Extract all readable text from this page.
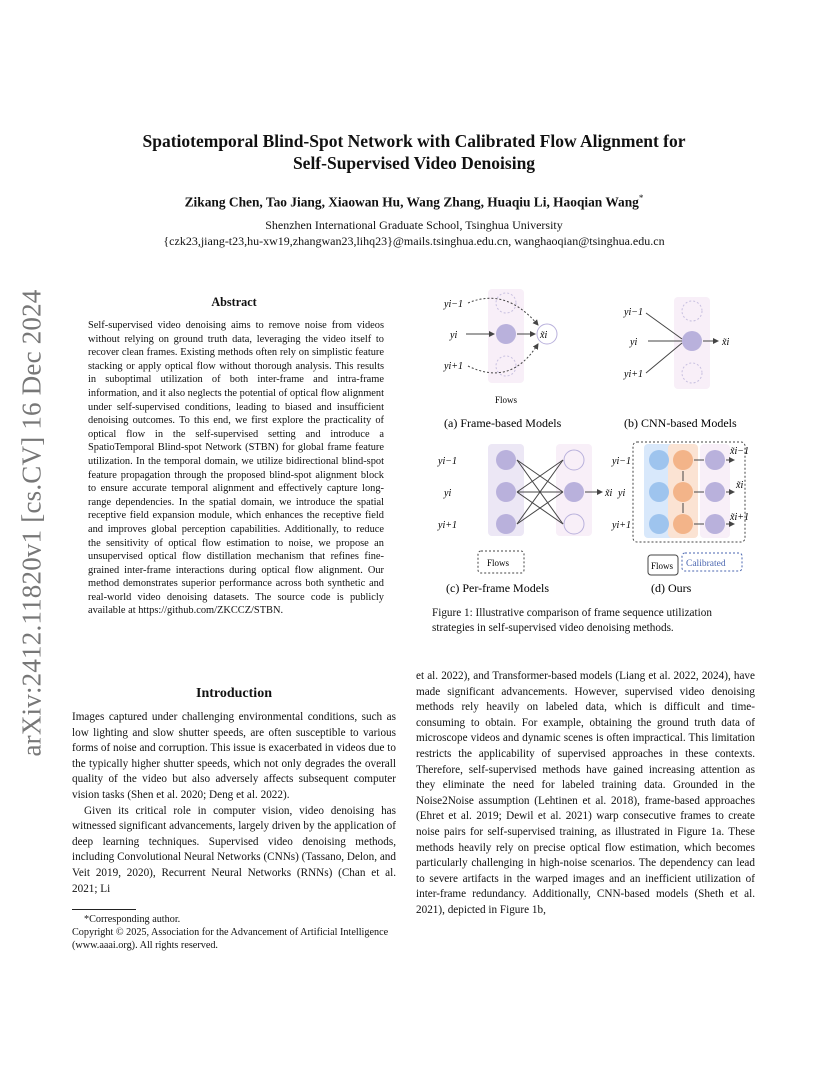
arXiv:2412.11820v1 [cs.CV] 16 Dec 2024
Spatiotemporal Blind-Spot Network with Calibrated Flow Alignment for
Self-Supervised Video Denoising
Zikang Chen, Tao Jiang, Xiaowan Hu, Wang Zhang, Huaqiu Li, Haoqian Wang*
Shenzhen International Graduate School, Tsinghua University
{czk23,jiang-t23,hu-xw19,zhangwan23,lihq23}@mails.tsinghua.edu.cn, wanghaoqian@tsinghua.edu.cn
Abstract
Self-supervised video denoising aims to remove noise from videos without relying on ground truth data, leveraging the video itself to recover clean frames. Existing methods often rely on simplistic feature stacking or apply optical flow without thorough analysis. This results in suboptimal utilization of both inter-frame and intra-frame information, and it also neglects the potential of optical flow alignment under self-supervised conditions, leading to biased and insufficient denoising outcomes. To this end, we first explore the practicality of optical flow in the self-supervised setting and introduce a SpatioTemporal Blind-spot Network (STBN) for global frame feature utilization. In the temporal domain, we utilize bidirectional blind-spot feature propagation through the proposed blind-spot alignment block to ensure accurate temporal alignment and effectively capture long-range dependencies. In the spatial domain, we introduce the spatial receptive field expansion module, which enhances the receptive field and improves global perception capabilities. Additionally, to reduce the sensitivity of optical flow estimation to noise, we propose an unsupervised optical flow distillation mechanism that refines fine-grained inter-frame interactions during optical flow alignment. Our method demonstrates superior performance across both synthetic and real-world video denoising datasets. The source code is publicly available at https://github.com/ZKCCZ/STBN.
Introduction

Images captured under challenging environmental conditions, such as low lighting and slow shutter speeds, are often susceptible to various forms of noise and corruption. This issue is exacerbated in videos due to the typically higher shutter speeds, which not only degrades the overall quality of the video but also adversely affects subsequent computer vision tasks (Shen et al. 2020; Deng et al. 2022).

Given its critical role in computer vision, video denoising has witnessed significant advancements, largely driven by the application of deep learning techniques. Supervised video denoising methods, including Convolutional Neural Networks (CNNs) (Tassano, Delon, and Veit 2019, 2020), Recurrent Neural Networks (RNNs) (Chan et al. 2021; Li

*Corresponding author.
Copyright © 2025, Association for the Advancement of Artificial Intelligence (www.aaai.org). All rights reserved.
et al. 2022), and Transformer-based models (Liang et al. 2022, 2024), have made significant advancements. However, supervised video denoising methods rely heavily on labeled data, which is difficult and time-consuming to obtain. For example, obtaining the ground truth data of microscope videos and dynamic scenes is often impractical. This limitation restricts the applicability of supervised approaches in these contexts. Therefore, self-supervised methods have gained increasing attention as they eliminate the need for labeled training data. Grounded in the Noise2Noise assumption (Lehtinen et al. 2018), frame-based approaches (Ehret et al. 2019; Dewil et al. 2021) warp consecutive frames to create noise pairs for self-supervised training, as illustrated in Figure 1a. These methods heavily rely on precise optical flow estimation, which becomes particularly challenging in high-noise scenarios. The dependency can lead to severe artifacts in the warped images and an inefficient utilization of inter-frame redundancy. Additionally, CNN-based models (Sheth et al. 2021), depicted in Figure 1b,
Figure 1: Illustrative comparison of frame sequence utilization strategies in self-supervised video denoising methods.
Flows
(a) Frame-based Models	(b) CNN-based Models
Flows
(c) Per-frame Models
Flows Calibrated
(d) Ours
yi−1
yi
yi+1
x̃i
yi−1
yi
yi+1
x̃i
yi−1
yi
yi+1
x̃i
yi−1
yi
yi+1
x̃i−1
x̃i
x̃i+1
